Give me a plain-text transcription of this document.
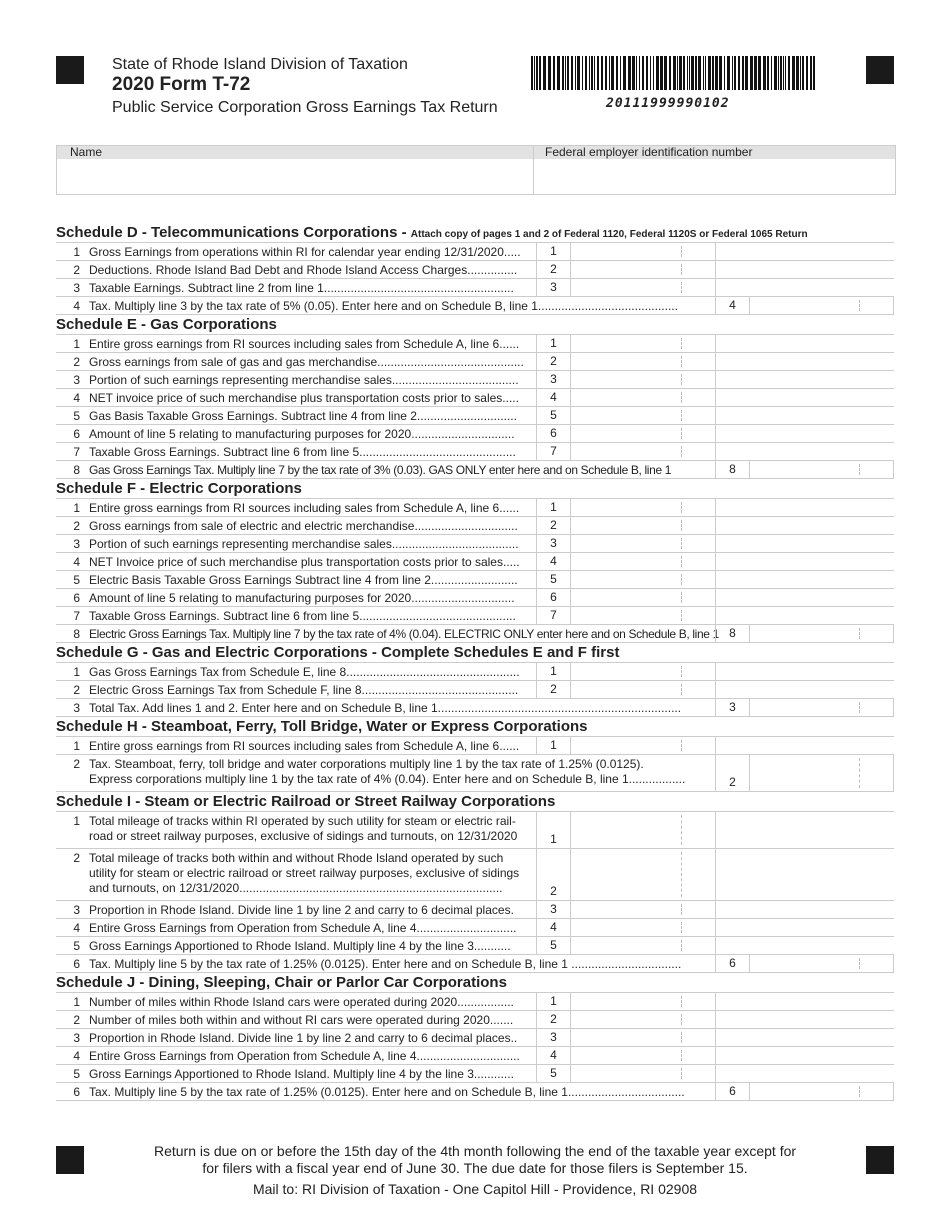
State of Rhode Island Division of Taxation
2020 Form T-72
Public Service Corporation Gross Earnings Tax Return	20111999990102
Name	Federal employer identification number
Schedule D - Telecommunications Corporations - Attach copy of pages 1 and 2 of Federal 1120, Federal 1120S or Federal 1065 Return
1 Gross Earnings from operations within RI for calendar year ending 12/31/2020.....	1
2 Deductions. Rhode Island Bad Debt and Rhode Island Access Charges...............	2
3 Taxable Earnings. Subtract line 2 from line 1.........................................................	3
4 Tax. Multiply line 3 by the tax rate of 5% (0.05). Enter here and on Schedule B, line 1..........................................	4
Schedule E - Gas Corporations
1 Entire gross earnings from RI sources including sales from Schedule A, line 6......	1
2 Gross earnings from sale of gas and gas merchandise............................................	2
3 Portion of such earnings representing merchandise sales......................................	3
4 NET invoice price of such merchandise plus transportation costs prior to sales.....	4
5 Gas Basis Taxable Gross Earnings. Subtract line 4 from line 2..............................	5
6 Amount of line 5 relating to manufacturing purposes for 2020...............................	6
7 Taxable Gross Earnings. Subtract line 6 from line 5...............................................	7
8 Gas Gross Earnings Tax. Multiply line 7 by the tax rate of 3% (0.03). GAS ONLY enter here and on Schedule B, line 1	8
Schedule F - Electric Corporations
1 Entire gross earnings from RI sources including sales from Schedule A, line 6......	1
2 Gross earnings from sale of electric and electric merchandise...............................	2
3 Portion of such earnings representing merchandise sales......................................	3
4 NET Invoice price of such merchandise plus transportation costs prior to sales.....	4
5 Electric Basis Taxable Gross Earnings Subtract line 4 from line 2..........................	5
6 Amount of line 5 relating to manufacturing purposes for 2020...............................	6
7 Taxable Gross Earnings. Subtract line 6 from line 5...............................................	7
8 Electric Gross Earnings Tax. Multiply line 7 by the tax rate of 4% (0.04). ELECTRIC ONLY enter here and on Schedule B, line 1 8
Schedule G - Gas and Electric Corporations - Complete Schedules E and F first
1 Gas Gross Earnings Tax from Schedule E, line 8....................................................	1
2 Electric Gross Earnings Tax from Schedule F, line 8...............................................	2
3 Total Tax. Add lines 1 and 2. Enter here and on Schedule B, line 1.........................................................................	3
Schedule H - Steamboat, Ferry, Toll Bridge, Water or Express Corporations
1 Entire gross earnings from RI sources including sales from Schedule A, line 6......	1
2 Tax. Steamboat, ferry, toll bridge and water corporations multiply line 1 by the tax rate of 1.25% (0.0125).
Express corporations multiply line 1 by the tax rate of 4% (0.04). Enter here and on Schedule B, line 1.................	2
Schedule I - Steam or Electric Railroad or Street Railway Corporations
1 Total mileage of tracks within RI operated by such utility for steam or electric rail-
road or street railway purposes, exclusive of sidings and turnouts, on 12/31/2020	1
2 Total mileage of tracks both within and without Rhode Island operated by such
utility for steam or electric railroad or street railway purposes, exclusive of sidings
and turnouts, on 12/31/2020...............................................................................	2
3 Proportion in Rhode Island. Divide line 1 by line 2 and carry to 6 decimal places.	3
4 Entire Gross Earnings from Operation from Schedule A, line 4..............................	4
5 Gross Earnings Apportioned to Rhode Island. Multiply line 4 by the line 3...........	5
6 Tax. Multiply line 5 by the tax rate of 1.25% (0.0125). Enter here and on Schedule B, line 1 .................................	6
Schedule J - Dining, Sleeping, Chair or Parlor Car Corporations
1 Number of miles within Rhode Island cars were operated during 2020.................	1
2 Number of miles both within and without RI cars were operated during 2020.......	2
3 Proportion in Rhode Island. Divide line 1 by line 2 and carry to 6 decimal places..	3
4 Entire Gross Earnings from Operation from Schedule A, line 4...............................	4
5 Gross Earnings Apportioned to Rhode Island. Multiply line 4 by the line 3............	5
6 Tax. Multiply line 5 by the tax rate of 1.25% (0.0125). Enter here and on Schedule B, line 1...................................	6
Return is due on or before the 15th day of the 4th month following the end of the taxable year except for
for filers with a fiscal year end of June 30. The due date for those filers is September 15.
Mail to: RI Division of Taxation - One Capitol Hill - Providence, RI 02908
